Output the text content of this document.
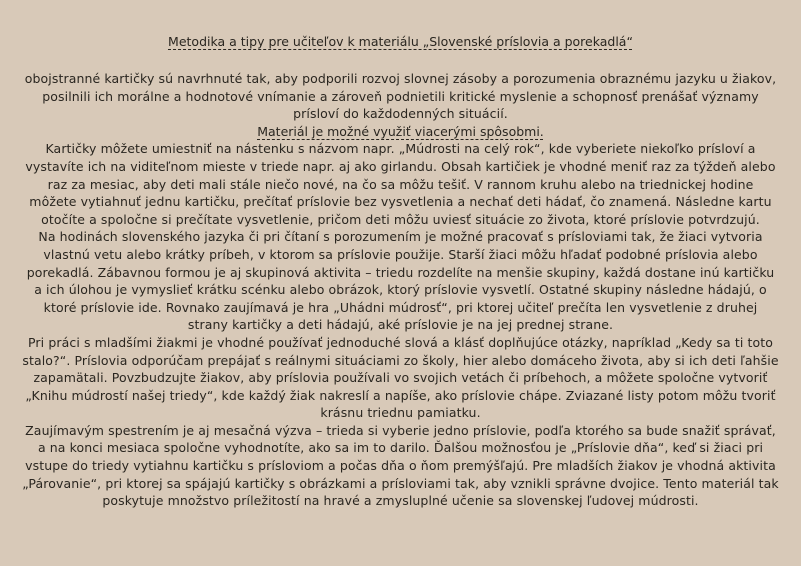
Metodika a tipy pre učiteľov k materiálu „Slovenské príslovia a porekadlá“

obojstranné kartičky sú navrhnuté tak, aby podporili rozvoj slovnej zásoby a porozumenia obraznému jazyku u žiakov, posilnili ich morálne a hodnotové vnímanie a zároveň podnietili kritické myslenie a schopnosť prenášať významy prísloví do každodenných situácií.

Materiál je možné využiť viacerými spôsobmi.

Kartičky môžete umiestniť na nástenku s názvom napr. „Múdrosti na celý rok“, kde vyberiete niekoľko prísloví a vystavíte ich na viditeľnom mieste v triede napr. aj ako girlandu. Obsah kartičiek je vhodné meniť raz za týždeň alebo raz za mesiac, aby deti mali stále niečo nové, na čo sa môžu tešiť. V rannom kruhu alebo na triednickej hodine môžete vytiahnuť jednu kartičku, prečítať príslovie bez vysvetlenia a nechať deti hádať, čo znamená. Následne kartu otočíte a spoločne si prečítate vysvetlenie, pričom deti môžu uviesť situácie zo života, ktoré príslovie potvrdzujú.

Na hodinách slovenského jazyka či pri čítaní s porozumením je možné pracovať s prísloviami tak, že žiaci vytvoria vlastnú vetu alebo krátky príbeh, v ktorom sa príslovie použije. Starší žiaci môžu hľadať podobné príslovia alebo porekadlá. Zábavnou formou je aj skupinová aktivita – triedu rozdelíte na menšie skupiny, každá dostane inú kartičku a ich úlohou je vymyslieť krátku scénku alebo obrázok, ktorý príslovie vysvetlí. Ostatné skupiny následne hádajú, o ktoré príslovie ide. Rovnako zaujímavá je hra „Uhádni múdrosť“, pri ktorej učiteľ prečíta len vysvetlenie z druhej strany kartičky a deti hádajú, aké príslovie je na jej prednej strane.

Pri práci s mladšími žiakmi je vhodné používať jednoduché slová a klásť doplňujúce otázky, napríklad „Kedy sa ti toto stalo?“. Príslovia odporúčam prepájať s reálnymi situáciami zo školy, hier alebo domáceho života, aby si ich deti ľahšie zapamätali. Povzbudzujte žiakov, aby príslovia používali vo svojich vetách či príbehoch, a môžete spoločne vytvoriť „Knihu múdrostí našej triedy“, kde každý žiak nakreslí a napíše, ako príslovie chápe. Zviazané listy potom môžu tvoriť krásnu triednu pamiatku.

Zaujímavým spestrením je aj mesačná výzva – trieda si vyberie jedno príslovie, podľa ktorého sa bude snažiť správať, a na konci mesiaca spoločne vyhodnotíte, ako sa im to darilo. Ďalšou možnosťou je „Príslovie dňa“, keď si žiaci pri vstupe do triedy vytiahnu kartičku s prísloviom a počas dňa o ňom premýšľajú. Pre mladších žiakov je vhodná aktivita „Párovanie“, pri ktorej sa spájajú kartičky s obrázkami a prísloviami tak, aby vznikli správne dvojice. Tento materiál tak poskytuje množstvo príležitostí na hravé a zmysluplné učenie sa slovenskej ľudovej múdrosti.
